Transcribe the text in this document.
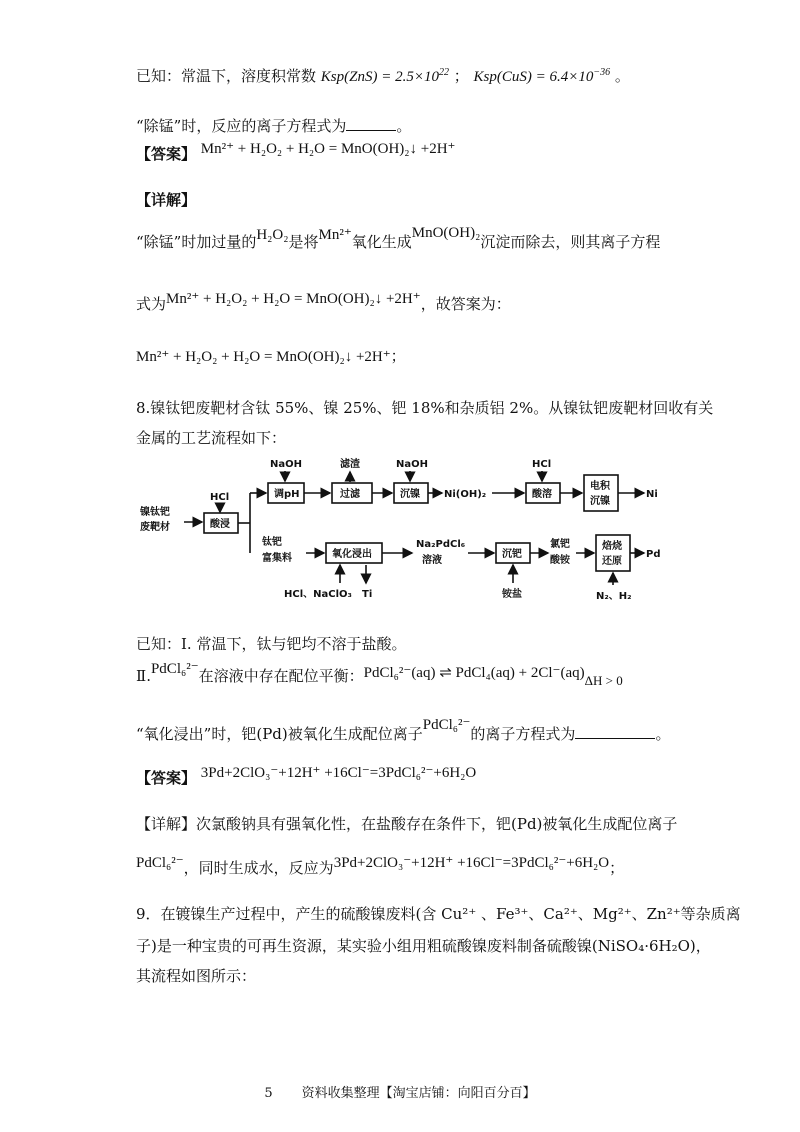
已知：常温下，溶度积常数 $Ksp(ZnS) = 2.5\times 10^{22}$ ； $Ksp(CuS) = 6.4\times 10^{-36}$ 。
“除锰”时，反应的离子方程式为	。
【答案】 Mn²⁺ + H₂O₂ + H₂O = MnO(OH)₂↓ +2H⁺
【详解】
“除锰”时加过量的H₂O₂是将Mn²⁺氧化生成MnO(OH)₂沉淀而除去，则其离子方程
式为Mn²⁺ + H₂O₂ + H₂O = MnO(OH)₂↓ +2H⁺，故答案为：
Mn²⁺ + H₂O₂ + H₂O = MnO(OH)₂↓ +2H⁺；
8.镍钛钯废靶材含钛 55%、镍 25%、钯 18%和杂质铝 2%。从镍钛钯废靶材回收有关
金属的工艺流程如下：
镍钛钯
废靶材
HCl
酸浸
NaOH
调pH
滤渣
过滤
NaOH
沉镍 Ni(OH)₂
HCl
酸溶
电积
沉镍
Ni
钛钯
富集料	氧化浸出
HCl、NaClO₃ Ti
Na₂PdCl₆
溶液
沉钯
铵盐
氯钯
酸铵
焙烧
还原
N₂、H₂
Pd
已知：Ⅰ. 常温下，钛与钯均不溶于盐酸。
Ⅱ.PdCl₆²⁻在溶液中存在配位平衡：PdCl₆²⁻(aq) ⇌ PdCl₄(aq) + 2Cl⁻(aq)ΔH > 0
“氧化浸出”时，钯(Pd)被氧化生成配位离子PdCl₆²⁻的离子方程式为	。
【答案】 3Pd+2ClO₃⁻+12H⁺ +16Cl⁻=3PdCl₆²⁻+6H₂O
【详解】次氯酸钠具有强氧化性，在盐酸存在条件下，钯(Pd)被氧化生成配位离子
PdCl₆²⁻，同时生成水，反应为3Pd+2ClO₃⁻+12H⁺ +16Cl⁻=3PdCl₆²⁻+6H₂O；
9．在镀镍生产过程中，产生的硫酸镍废料(含 Cu²⁺ 、Fe³⁺、Ca²⁺、Mg²⁺、Zn²⁺等杂质离
子)是一种宝贵的可再生资源，某实验小组用粗硫酸镍废料制备硫酸镍(NiSO₄·6H₂O)，
其流程如图所示：
5 资料收集整理【淘宝店铺：向阳百分百】
